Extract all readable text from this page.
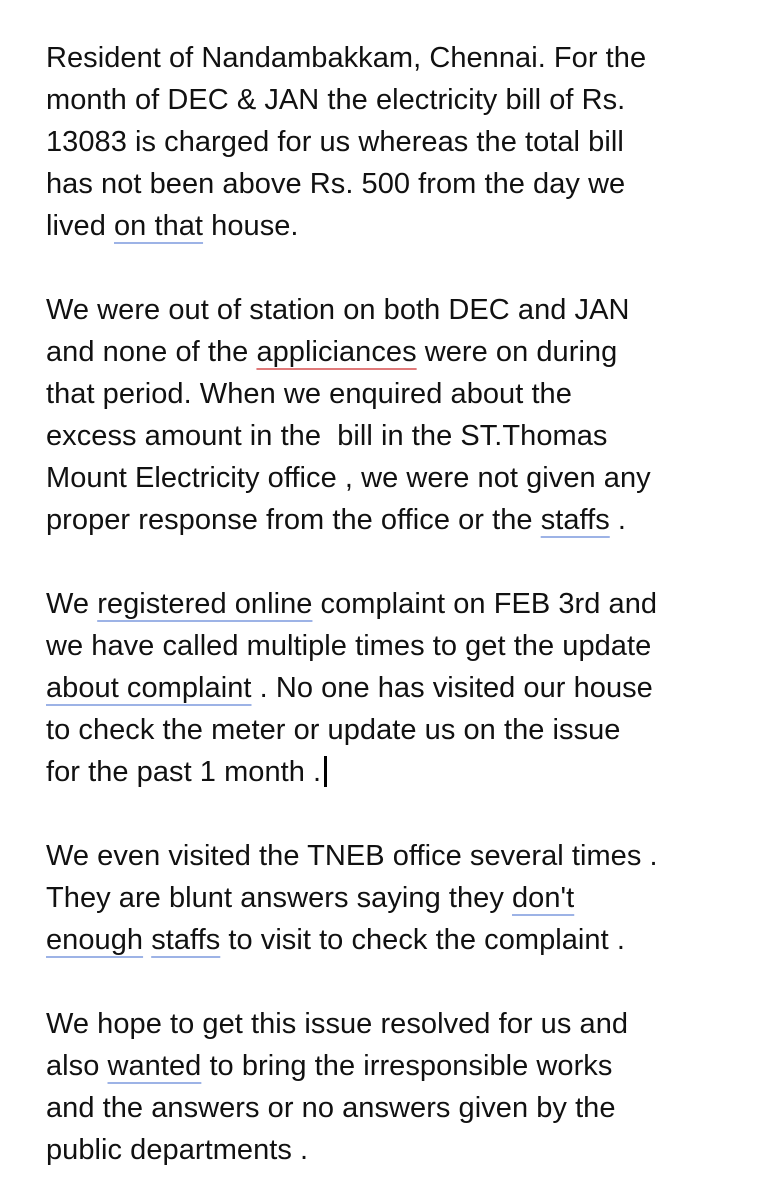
Resident of Nandambakkam, Chennai. For the
month of DEC & JAN the electricity bill of Rs.
13083 is charged for us whereas the total bill
has not been above Rs. 500 from the day we
lived on that house.

We were out of station on both DEC and JAN
and none of the appliciances were on during
that period. When we enquired about the
excess amount in the  bill in the ST.Thomas
Mount Electricity office , we were not given any
proper response from the office or the staffs .

We registered online complaint on FEB 3rd and
we have called multiple times to get the update
about complaint . No one has visited our house
to check the meter or update us on the issue
for the past 1 month .

We even visited the TNEB office several times .
They are blunt answers saying they don't
enough staffs to visit to check the complaint .

We hope to get this issue resolved for us and
also wanted to bring the irresponsible works
and the answers or no answers given by the
public departments .
